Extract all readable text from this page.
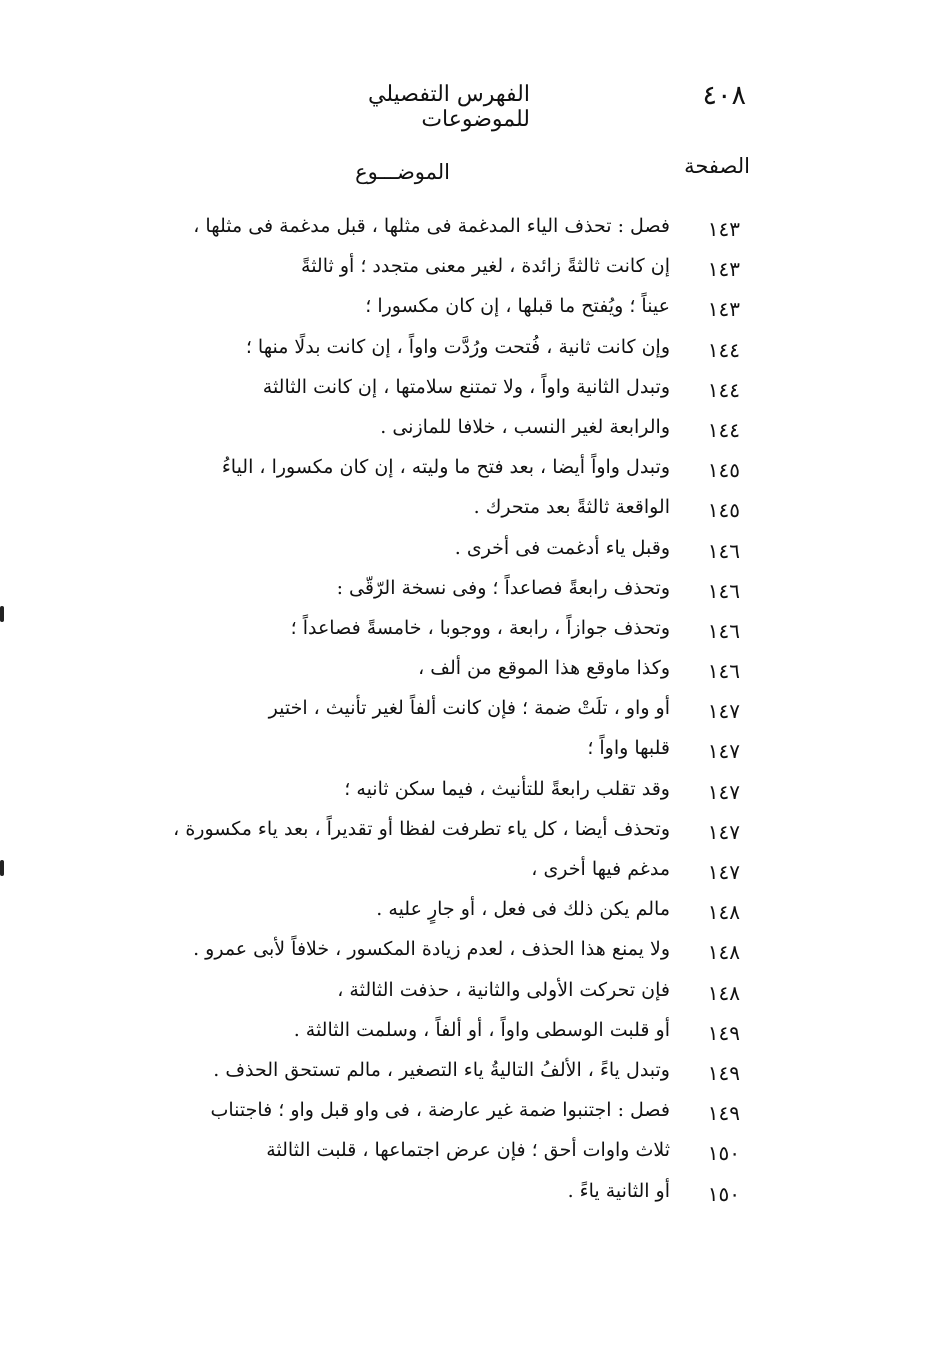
٤٠٨
الفهرس التفصيلي للموضوعات
الصفحة
الموضـــوع
١٤٣
فصل : تحذف الياء المدغمة فى مثلها ، قبل مدغمة فى مثلها ،
١٤٣
إن كانت ثالثةً زائدة ، لغير معنى متجدد ؛ أو ثالثةً
١٤٣
عيناً ؛ ويُفتح ما قبلها ، إن كان مكسورا ؛
١٤٤
وإن كانت ثانية ، فُتحت ورُدَّت واواً ، إن كانت بدلًا منها ؛
١٤٤
وتبدل الثانية واواً ، ولا تمتنع سلامتها ، إن كانت الثالثة
١٤٤
والرابعة لغير النسب ، خلافا للمازنى .
١٤٥
وتبدل واواً أيضا ، بعد فتح ما وليته ، إن كان مكسورا ، الياءُ
١٤٥
الواقعة ثالثةً بعد متحرك .
١٤٦
وقبل ياء أدغمت فى أخرى .
١٤٦
وتحذف رابعةً فصاعداً ؛ وفى نسخة الرّقّى :
١٤٦
وتحذف جوازاً ، رابعة ، ووجوبا ، خامسةً فصاعداً ؛
١٤٦
وكذا ماوقع هذا الموقع من ألف ،
١٤٧
أو واو ، تلَتْ ضمة ؛ فإن كانت ألفاً لغير تأنيث ، اختير
١٤٧
قلبها واواً ؛
١٤٧
وقد تقلب رابعةً للتأنيث ، فيما سكن ثانيه ؛
١٤٧
وتحذف أيضا ، كل ياء تطرفت لفظا أو تقديراً ، بعد ياء مكسورة ،
١٤٧
مدغم فيها أخرى ،
١٤٨
مالم يكن ذلك فى فعل ، أو جارٍ عليه .
١٤٨
ولا يمنع هذا الحذف ، لعدم زيادة المكسور ، خلافاً لأبى عمرو .
١٤٨
فإن تحركت الأولى والثانية ، حذفت الثالثة ،
١٤٩
أو قلبت الوسطى واواً ، أو ألفاً ، وسلمت الثالثة .
١٤٩
وتبدل ياءً ، الألفُ التاليةُ ياء التصغير ، مالم تستحق الحذف .
١٤٩
فصل : اجتنبوا ضمة غير عارضة ، فى واو قبل واو ؛ فاجتناب
١٥٠
ثلاث واوات أحق ؛ فإن عرض اجتماعها ، قلبت الثالثة
١٥٠
أو الثانية ياءً .
